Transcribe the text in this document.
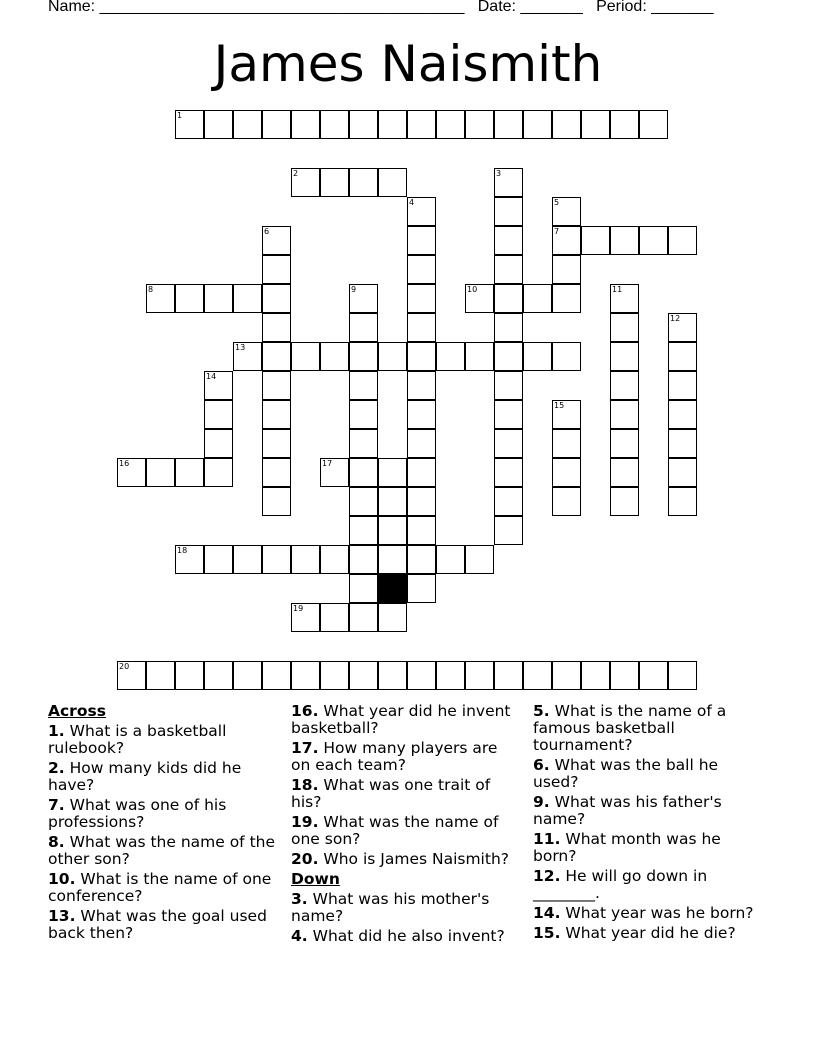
Name: _________________________________________ Date: _______ Period: _______
James Naismith
1
2	3
4	5
7
6
8	9	10	11
12
13
14
15
16	17
18
19
20
Across
1. What is a basketball rulebook?
2. How many kids did he have?
7. What was one of his professions?
8. What was the name of the other son?
10. What is the name of one conference?
13. What was the goal used back then?
16. What year did he invent basketball?
17. How many players are on each team?
18. What was one trait of his?
19. What was the name of one son?
20. Who is James Naismith?
Down
3. What was his mother's name?
4. What did he also invent?
5. What is the name of a famous basketball tournament?
6. What was the ball he used?
9. What was his father's name?
11. What month was he born?
12. He will go down in ________.
14. What year was he born?
15. What year did he die?
